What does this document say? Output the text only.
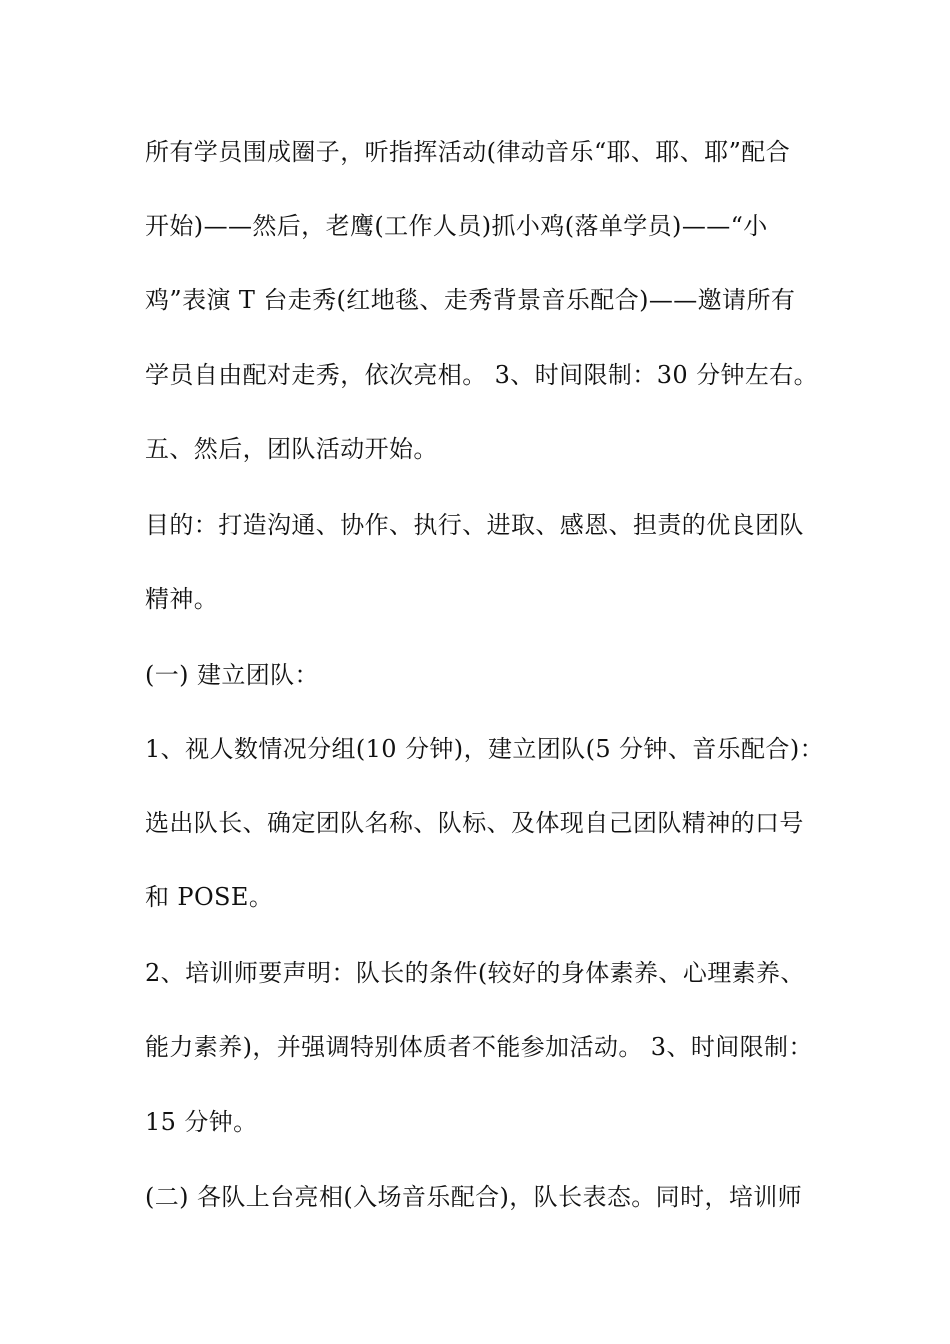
所有学员围成圈子，听指挥活动(律动音乐“耶、耶、耶”配合
开始)——然后，老鹰(工作人员)抓小鸡(落单学员)——“小
鸡”表演 T 台走秀(红地毯、走秀背景音乐配合)——邀请所有
学员自由配对走秀，依次亮相。 3、时间限制：30 分钟左右。
五、然后，团队活动开始。
目的：打造沟通、协作、执行、进取、感恩、担责的优良团队
精神。
(一) 建立团队：
1、视人数情况分组(10 分钟)，建立团队(5 分钟、音乐配合)：
选出队长、确定团队名称、队标、及体现自己团队精神的口号
和 POSE。
2、培训师要声明：队长的条件(较好的身体素养、心理素养、
能力素养)，并强调特别体质者不能参加活动。 3、时间限制：
15 分钟。
(二) 各队上台亮相(入场音乐配合)，队长表态。同时，培训师
